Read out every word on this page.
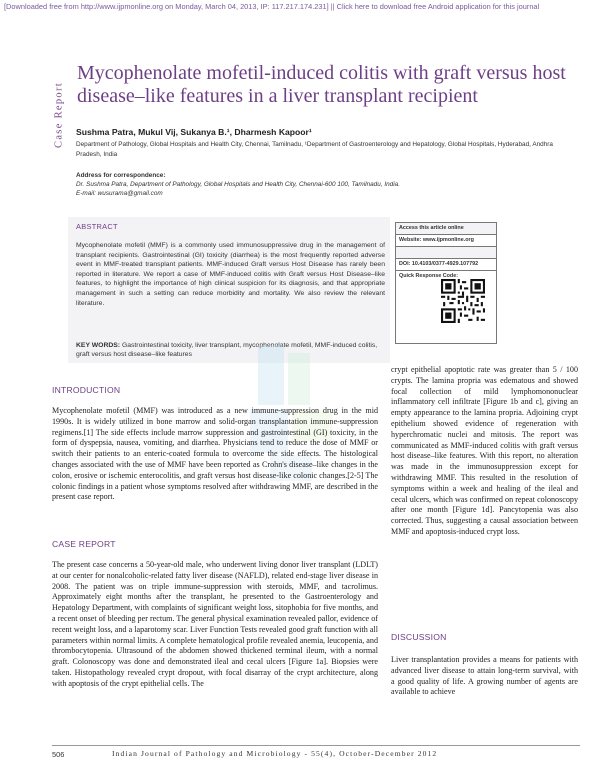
[Downloaded free from http://www.ijpmonline.org on Monday, March 04, 2013, IP: 117.217.174.231] || Click here to download free Android application for this journal
Case Report
Mycophenolate mofetil-induced colitis with graft versus host disease–like features in a liver transplant recipient
Sushma Patra, Mukul Vij, Sukanya B.¹, Dharmesh Kapoor¹
Department of Pathology, Global Hospitals and Health City, Chennai, Tamilnadu, ¹Department of Gastroenterology and Hepatology, Global Hospitals, Hyderabad, Andhra Pradesh, India
Address for correspondence:
Dr. Sushma Patra, Department of Pathology, Global Hospitals and Health City, Chennai-600 100, Tamilnadu, India.
E-mail: wusurama@gmail.com
ABSTRACT

Mycophenolate mofetil (MMF) is a commonly used immunosuppressive drug in the management of transplant recipients. Gastrointestinal (GI) toxicity (diarrhea) is the most frequently reported adverse event in MMF-treated transplant patients. MMF-induced Graft versus Host Disease has rarely been reported in literature. We report a case of MMF-induced colitis with Graft versus Host Disease–like features, to highlight the importance of high clinical suspicion for its diagnosis, and that appropriate management in such a setting can reduce morbidity and mortality. We also review the relevant literature.

KEY WORDS: Gastrointestinal toxicity, liver transplant, mycophenolate mofetil, MMF-induced colitis, graft versus host disease–like features
Access this article online
Website: www.ijpmonline.org
DOI: 10.4103/0377-4929.107792
Quick Response Code:
INTRODUCTION

Mycophenolate mofetil (MMF) was introduced as a new immune-suppression drug in the mid 1990s. It is widely utilized in bone marrow and solid-organ transplantation immune-suppression regimens.[1] The side effects include marrow suppression and gastrointestinal (GI) toxicity, in the form of dyspepsia, nausea, vomiting, and diarrhea. Physicians tend to reduce the dose of MMF or switch their patients to an enteric-coated formula to overcome the side effects. The histological changes associated with the use of MMF have been reported as Crohn's disease–like changes in the colon, erosive or ischemic enterocolitis, and graft versus host disease-like colonic changes.[2-5] The colonic findings in a patient whose symptoms resolved after withdrawing MMF, are described in the present case report.

CASE REPORT

The present case concerns a 50-year-old male, who underwent living donor liver transplant (LDLT) at our center for nonalcoholic-related fatty liver disease (NAFLD), related end-stage liver disease in 2008. The patient was on triple immune-suppression with steroids, MMF, and tacrolimus. Approximately eight months after the transplant, he presented to the Gastroenterology and Hepatology Department, with complaints of significant weight loss, sitophobia for five months, and a recent onset of bleeding per rectum. The general physical examination revealed pallor, evidence of recent weight loss, and a laparotomy scar. Liver Function Tests revealed good graft function with all parameters within normal limits. A complete hematological profile revealed anemia, leucopenia, and thrombocytopenia. Ultrasound of the abdomen showed thickened terminal ileum, with a normal graft. Colonoscopy was done and demonstrated ileal and cecal ulcers [Figure 1a]. Biopsies were taken. Histopathology revealed crypt dropout, with focal disarray of the crypt architecture, along with apoptosis of the crypt epithelial cells. The

crypt epithelial apoptotic rate was greater than 5 / 100 crypts. The lamina propria was edematous and showed focal collection of mild lymphomononuclear inflammatory cell infiltrate [Figure 1b and c], giving an empty appearance to the lamina propria. Adjoining crypt epithelium showed evidence of regeneration with hyperchromatic nuclei and mitosis. The report was communicated as MMF-induced colitis with graft versus host disease–like features. With this report, no alteration was made in the immunosuppression except for withdrawing MMF. This resulted in the resolution of symptoms within a week and healing of the ileal and cecal ulcers, which was confirmed on repeat colonoscopy after one month [Figure 1d]. Pancytopenia was also corrected. Thus, suggesting a causal association between MMF and apoptosis-induced crypt loss.

DISCUSSION

Liver transplantation provides a means for patients with advanced liver disease to attain long-term survival, with a good quality of life. A growing number of agents are available to achieve

506	Indian Journal of Pathology and Microbiology - 55(4), October-December 2012
